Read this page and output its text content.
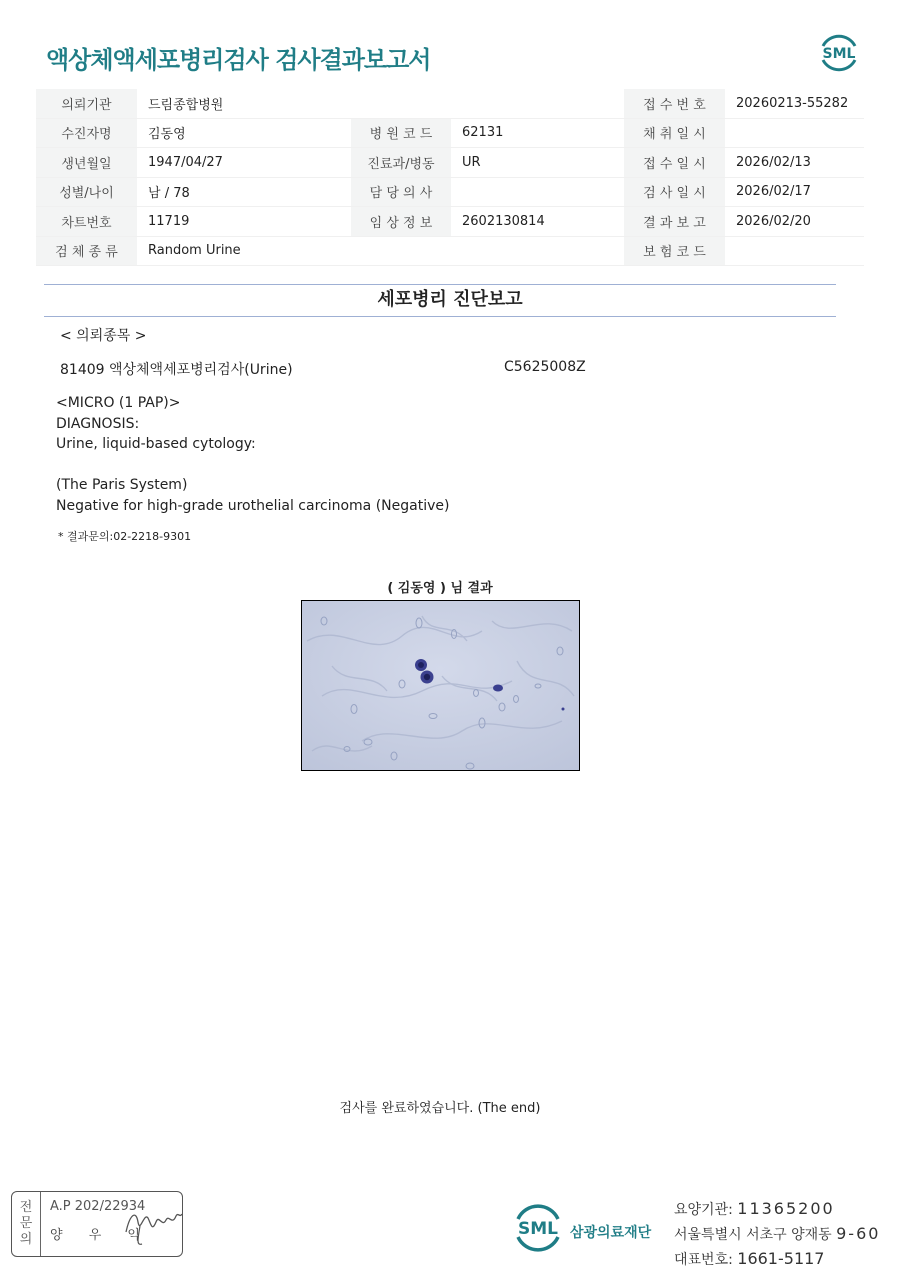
액상체액세포병리검사 검사결과보고서	SML
의뢰기관	드림종합병원			접 수 번 호	20260213-55282
수진자명	김동영	병 원 코 드	62131	채 취 일 시	
생년월일	1947/04/27	진료과/병동	UR	접 수 일 시	2026/02/13
성별/나이	남 / 78	담 당 의 사		검 사 일 시	2026/02/17
차트번호	11719	임 상 정 보	2602130814	결 과 보 고	2026/02/20
검 체 종 류	Random Urine			보 험 코 드	
세포병리 진단보고
< 의뢰종목 >
81409 액상체액세포병리검사(Urine)	C5625008Z
<MICRO (1 PAP)>
DIAGNOSIS:
Urine, liquid-based cytology:

(The Paris System)
Negative for high-grade urothelial carcinoma (Negative)
* 결과문의:02-2218-9301
( 김동영 ) 님 결과
검사를 완료하였습니다. (The end)
전
문
의
A.P 202/22934
양 우 익	SML 삼광의료재단
요양기관: 11365200
서울특별시 서초구 양재동 9-60
대표번호: 1661-5117
